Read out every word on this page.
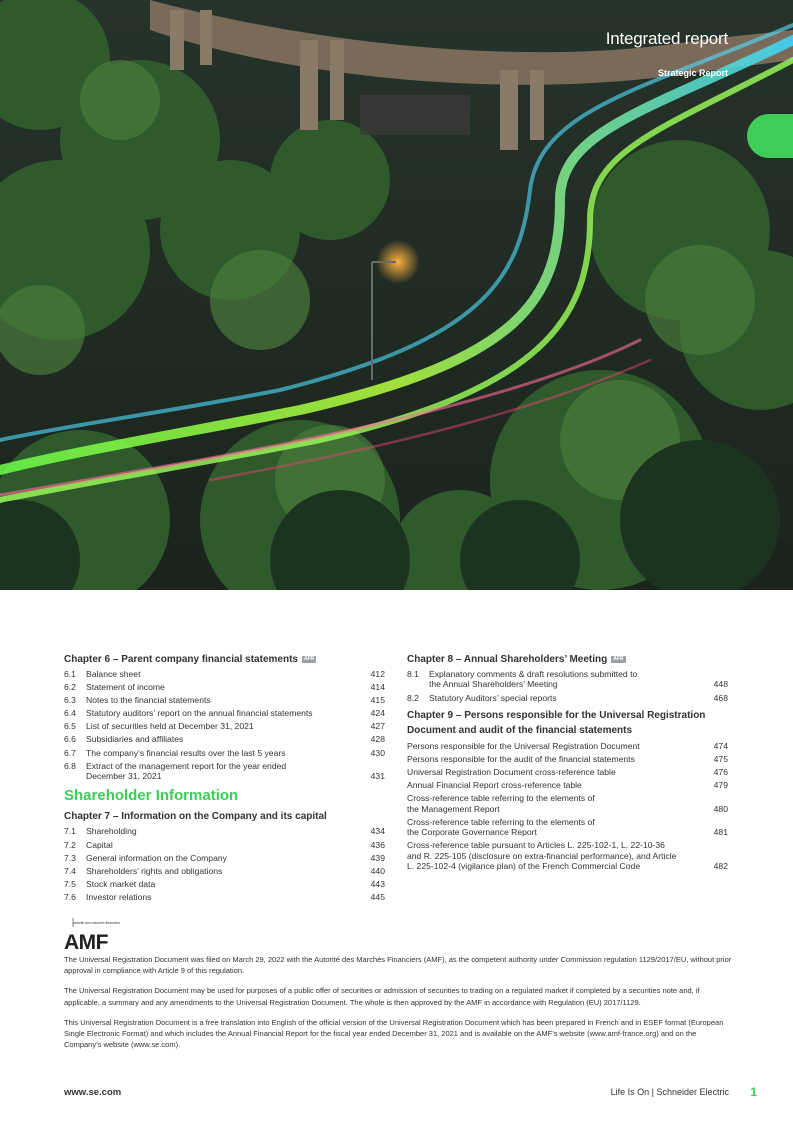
Integrated report
Strategic Report
Chapter 6 – Parent company financial statements AFR
6.1	Balance sheet	412
6.2	Statement of income	414
6.3	Notes to the financial statements	415
6.4	Statutory auditors’ report on the annual financial statements	424
6.5	List of securities held at December 31, 2021	427
6.6	Subsidiaries and affiliates	428
6.7	The company’s financial results over the last 5 years	430
6.8	Extract of the management report for the year ended December 31, 2021	431
Shareholder Information
Chapter 7 – Information on the Company and its capital
7.1	Shareholding	434
7.2	Capital	436
7.3	General information on the Company	439
7.4	Shareholders’ rights and obligations	440
7.5	Stock market data	443
7.6	Investor relations	445
Chapter 8 – Annual Shareholders’ Meeting AFR
8.1	Explanatory comments & draft resolutions submitted to the Annual Shareholders’ Meeting	448
8.2	Statutory Auditors’ special reports	468
Chapter 9 – Persons responsible for the Universal Registration Document and audit of the financial statements
Persons responsible for the Universal Registration Document	474
Persons responsible for the audit of the financial statements	475
Universal Registration Document cross-reference table	476
Annual Financial Report cross-reference table	479
Cross-reference table referring to the elements of the Management Report	480
Cross-reference table referring to the elements of the Corporate Governance Report	481
Cross-reference table pursuant to Articles L. 225-102-1, L. 22-10-36 and R. 225-105 (disclosure on extra-financial performance), and Article L. 225-102-4 (vigilance plan) of the French Commercial Code	482
autorité des marchés financiers
AMF

The Universal Registration Document was filed on March 29, 2022 with the Autorité des Marchés Financiers (AMF), as the competent authority under Commission regulation 1129/2017/EU, without prior approval in compliance with Article 9 of this regulation.

The Universal Registration Document may be used for purposes of a public offer of securities or admission of securities to trading on a regulated market if completed by a securities note and, if applicable, a summary and any amendments to the Universal Registration Document. The whole is then approved by the AMF in accordance with Regulation (EU) 2017/1129.

This Universal Registration Document is a free translation into English of the official version of the Universal Registration Document which has been prepared in French and in ESEF format (European Single Electronic Format) and which includes the Annual Financial Report for the fiscal year ended December 31, 2021 and is available on the AMF’s website (www.amf-france.org) and on the Company’s website (www.se.com).

www.se.com	Life Is On | Schneider Electric 1
